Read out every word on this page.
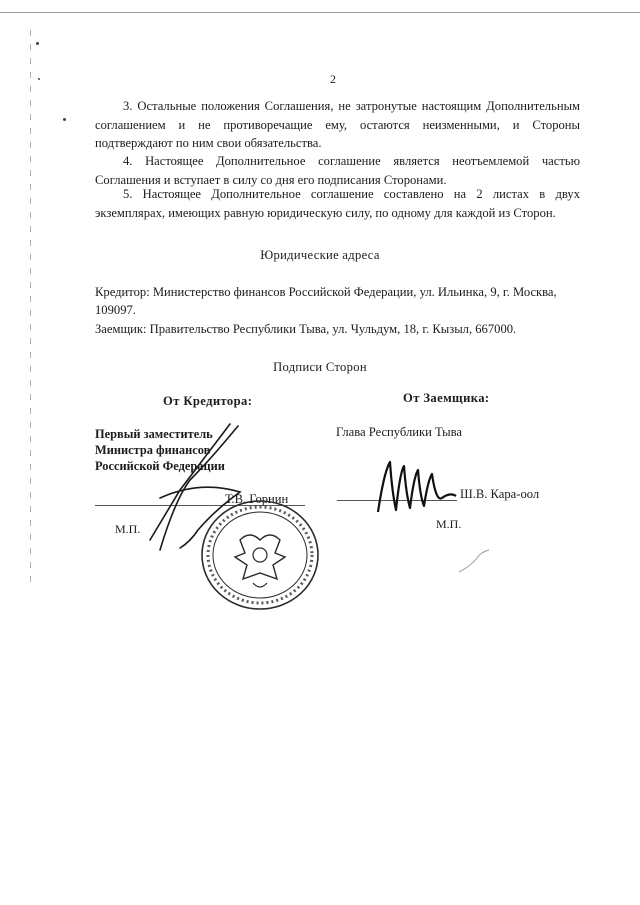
2
3. Остальные положения Соглашения, не затронутые настоящим Дополнительным соглашением и не противоречащие ему, остаются неизменными, и Стороны подтверждают по ним свои обязательства.
4. Настоящее Дополнительное соглашение является неотъемлемой частью Соглашения и вступает в силу со дня его подписания Сторонами.
5. Настоящее Дополнительное соглашение составлено на 2 листах в двух экземплярах, имеющих равную юридическую силу, по одному для каждой из Сторон.
Юридические адреса
Кредитор: Министерство финансов Российской Федерации, ул. Ильинка, 9, г. Москва, 109097.
Заемщик: Правительство Республики Тыва, ул. Чульдум, 18, г. Кызыл, 667000.
Подписи Сторон
От Кредитора:	От Заемщика:
Первый заместитель
Министра финансов
Российской Федерации
Глава Республики Тыва
Т.В. Горнин	Ш.В. Кара-оол
М.П.	М.П.
